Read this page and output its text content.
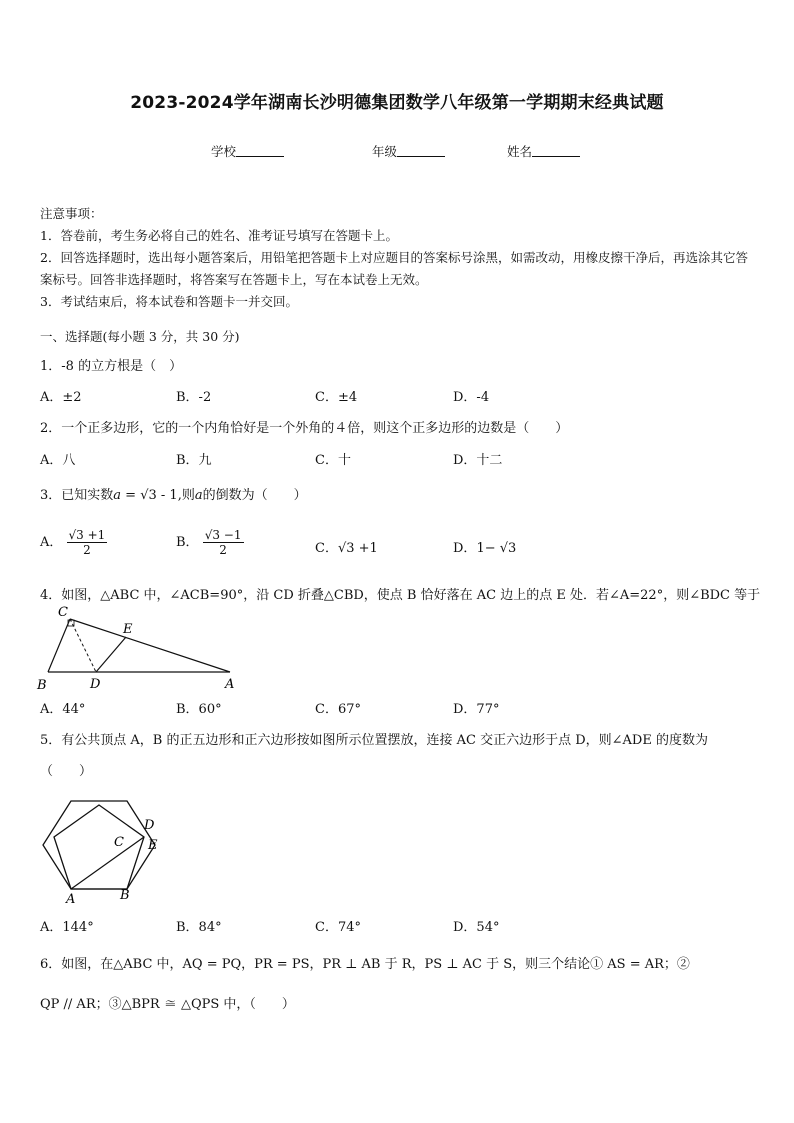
2023-2024学年湖南长沙明德集团数学八年级第一学期期末经典试题
学校	年级	姓名

注意事项：

1．答卷前，考生务必将自己的姓名、准考证号填写在答题卡上。

2．回答选择题时，选出每小题答案后，用铅笔把答题卡上对应题目的答案标号涂黑，如需改动，用橡皮擦干净后，再选涂其它答案标号。回答非选择题时，将答案写在答题卡上，写在本试卷上无效。

3．考试结束后，将本试卷和答题卡一并交回。

一、选择题(每小题 3 分，共 30 分)
1．-8 的立方根是（　）
A．±2	B．-2	C．±4	D．-4
2．一个正多边形，它的一个内角恰好是一个外角的４倍，则这个正多边形的边数是（　　）
A．八	B．九	C．十	D．十二
3．已知实数a = √3 - 1,则a的倒数为（　　）
A． $\frac{√3 +1}{2}$	B． $\frac{√3 -1}{2}$	C．√3 +1	D．1− √3
4．如图，△ABC 中，∠ACB=90°，沿 CD 折叠△CBD，使点 B 恰好落在 AC 边上的点 E 处．若∠A=22°，则∠BDC 等于
C
E
B	D	A
A．44°	B．60°	C．67°	D．77°
5．有公共顶点 A，B 的正五边形和正六边形按如图所示位置摆放，连接 AC 交正六边形于点 D，则∠ADE 的度数为
（　　）
C
D
E
A	B
A．144°	B．84°	C．74°	D．54°
6．如图，在△ABC 中，AQ = PQ，PR = PS，PR ⊥ AB 于 R，PS ⊥ AC 于 S，则三个结论① AS = AR；②
QP // AR；③△BPR ≅ △QPS 中，（　　）
